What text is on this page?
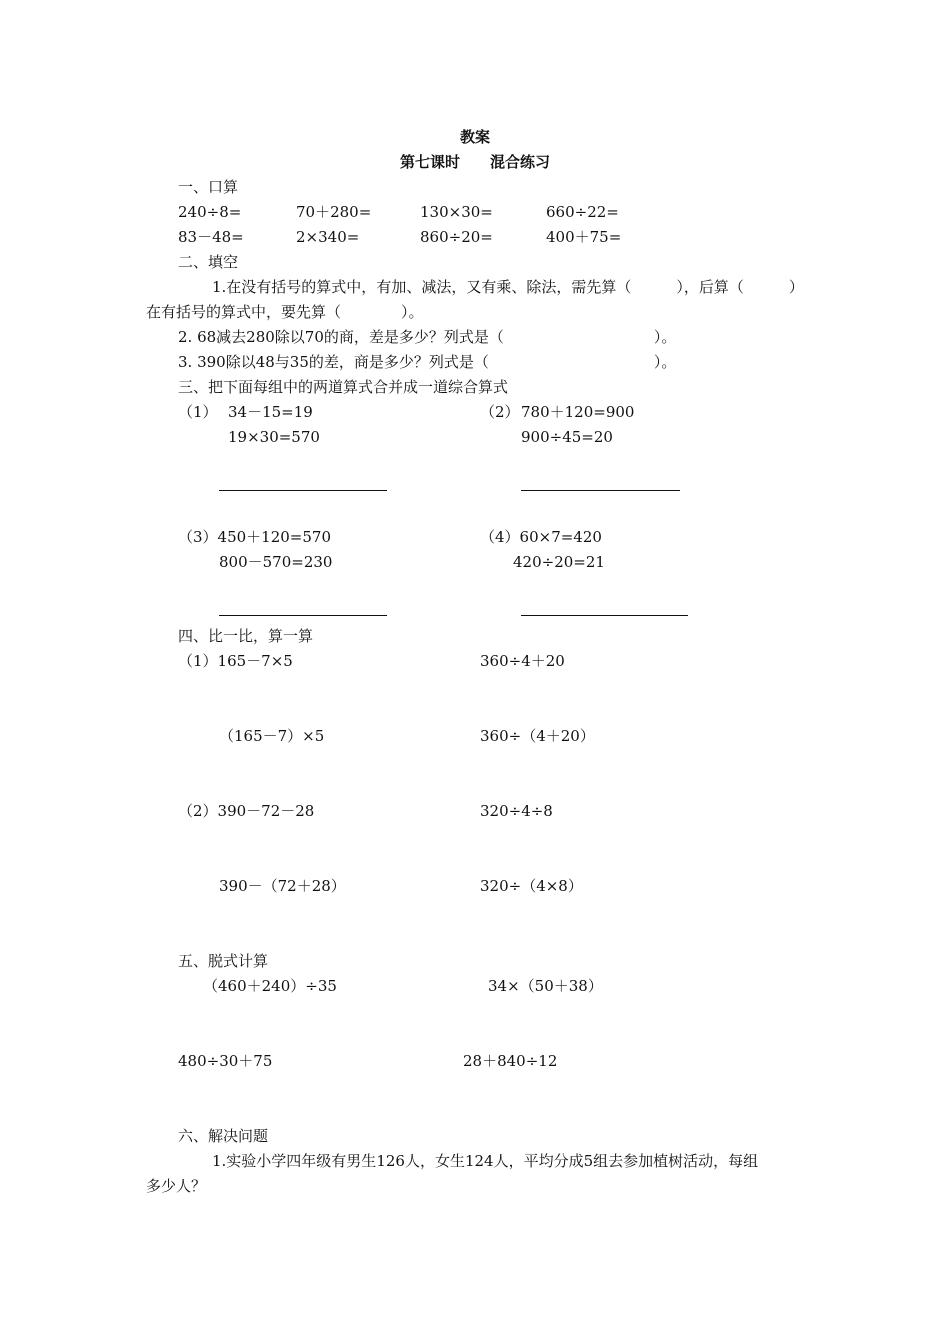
教案
第七课时　　混合练习
一、口算
240÷8=	70＋280=	130×30=	660÷22=
83－48=	2×340=	860÷20=	400＋75=
二、填空
1.在没有括号的算式中，有加、减法，又有乘、除法，需先算（　　　），后算（　　　）
在有括号的算式中，要先算（　　　　）。
2. 68减去280除以70的商，差是多少？列式是（　　　　　　　　　　）。
3. 390除以48与35的差，商是多少？列式是（　　　　　　　　　　　）。
三、把下面每组中的两道算式合并成一道综合算式
（1） 34－15=19
19×30=570
（2） 780＋120=900
900÷45=20
（3）450＋120=570
800－570=230
（4）60×7=420
420÷20=21
四、比一比，算一算
（1）165－7×5	360÷4＋20
（165－7）×5	360÷（4＋20）
（2）390－72－28	320÷4÷8
390－（72＋28）	320÷（4×8）
五、脱式计算
（460＋240）÷35	34×（50＋38）
480÷30＋75	28＋840÷12
六、解决问题
1.实验小学四年级有男生126人，女生124人，平均分成5组去参加植树活动，每组
多少人？
